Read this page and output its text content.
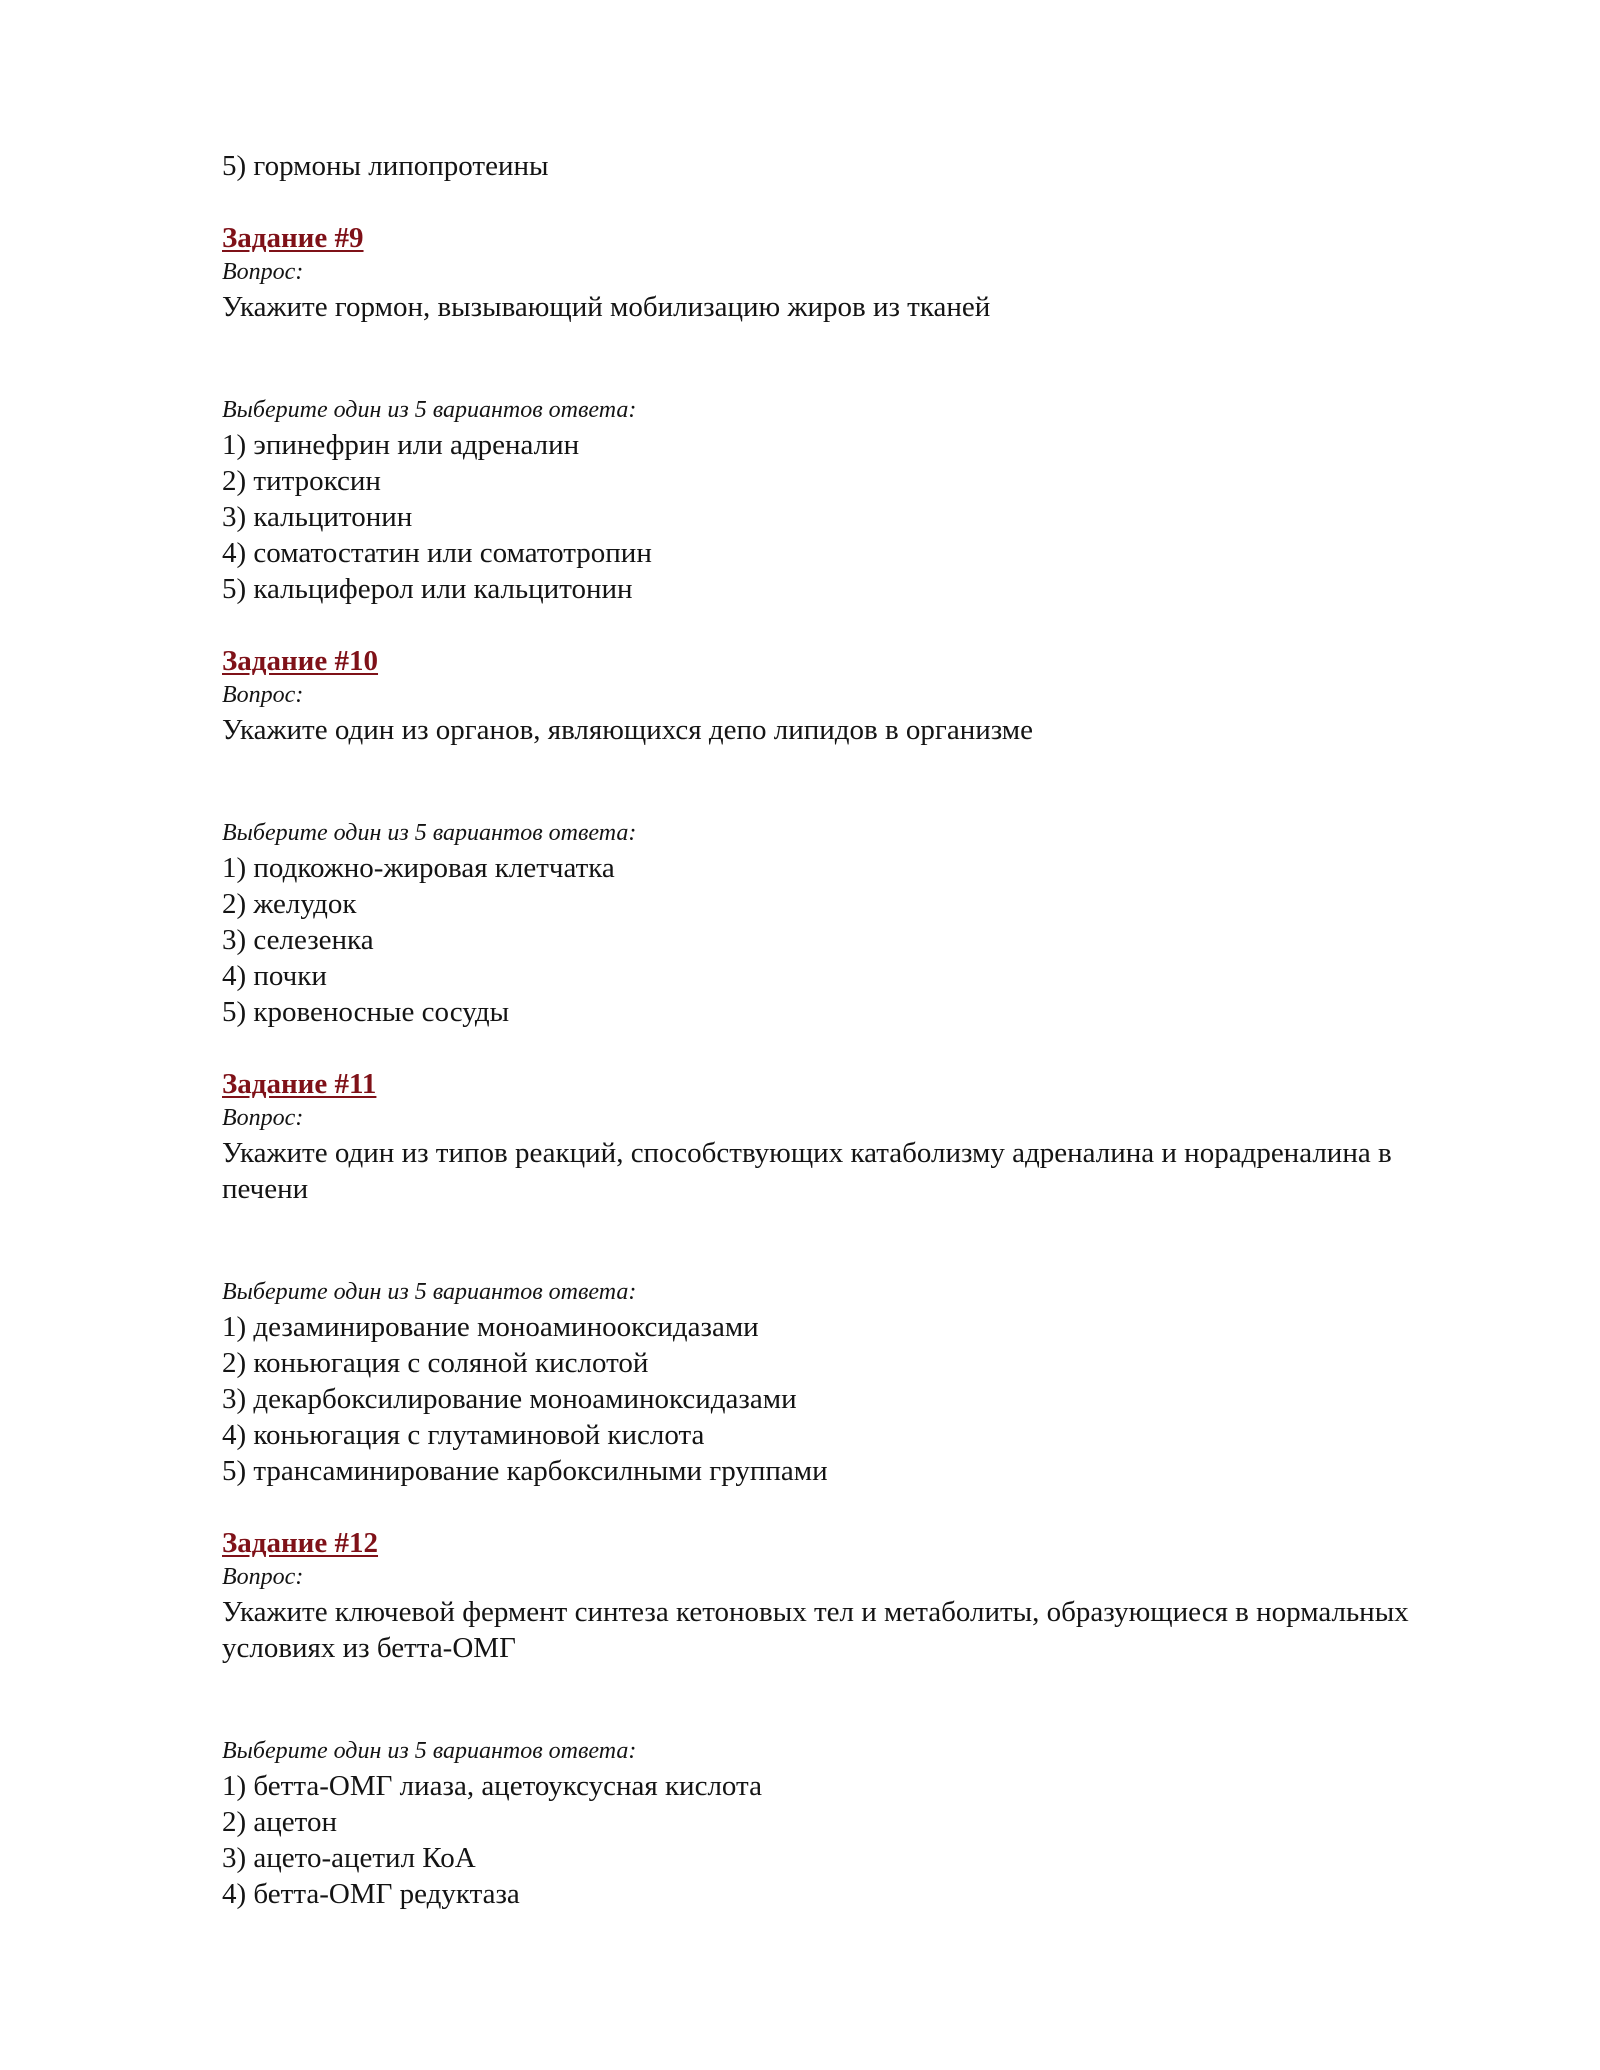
5) гормоны липопротеины

Задание #9

Вопрос:

Укажите гормон, вызывающий мобилизацию жиров из тканей

Выберите один из 5 вариантов ответа:

1) эпинефрин или адреналин
2) титроксин
3) кальцитонин
4) соматостатин или соматотропин
5) кальциферол или кальцитонин

Задание #10

Вопрос:

Укажите один из органов, являющихся депо липидов в организме

Выберите один из 5 вариантов ответа:

1) подкожно-жировая клетчатка
2) желудок
3) селезенка
4) почки
5) кровеносные сосуды

Задание #11

Вопрос:

Укажите один из типов реакций, способствующих катаболизму адреналина и норадреналина в печени

Выберите один из 5 вариантов ответа:

1) дезаминирование моноаминооксидазами
2) коньюгация с соляной кислотой
3) декарбоксилирование моноаминоксидазами
4) коньюгация с глутаминовой кислота
5) трансаминирование карбоксилными группами

Задание #12

Вопрос:

Укажите ключевой фермент синтеза кетоновых тел и метаболиты, образующиеся в нормальных условиях из бетта-ОМГ

Выберите один из 5 вариантов ответа:

1) бетта-ОМГ лиаза, ацетоуксусная кислота
2) ацетон
3) ацето-ацетил КоА
4) бетта-ОМГ редуктаза
